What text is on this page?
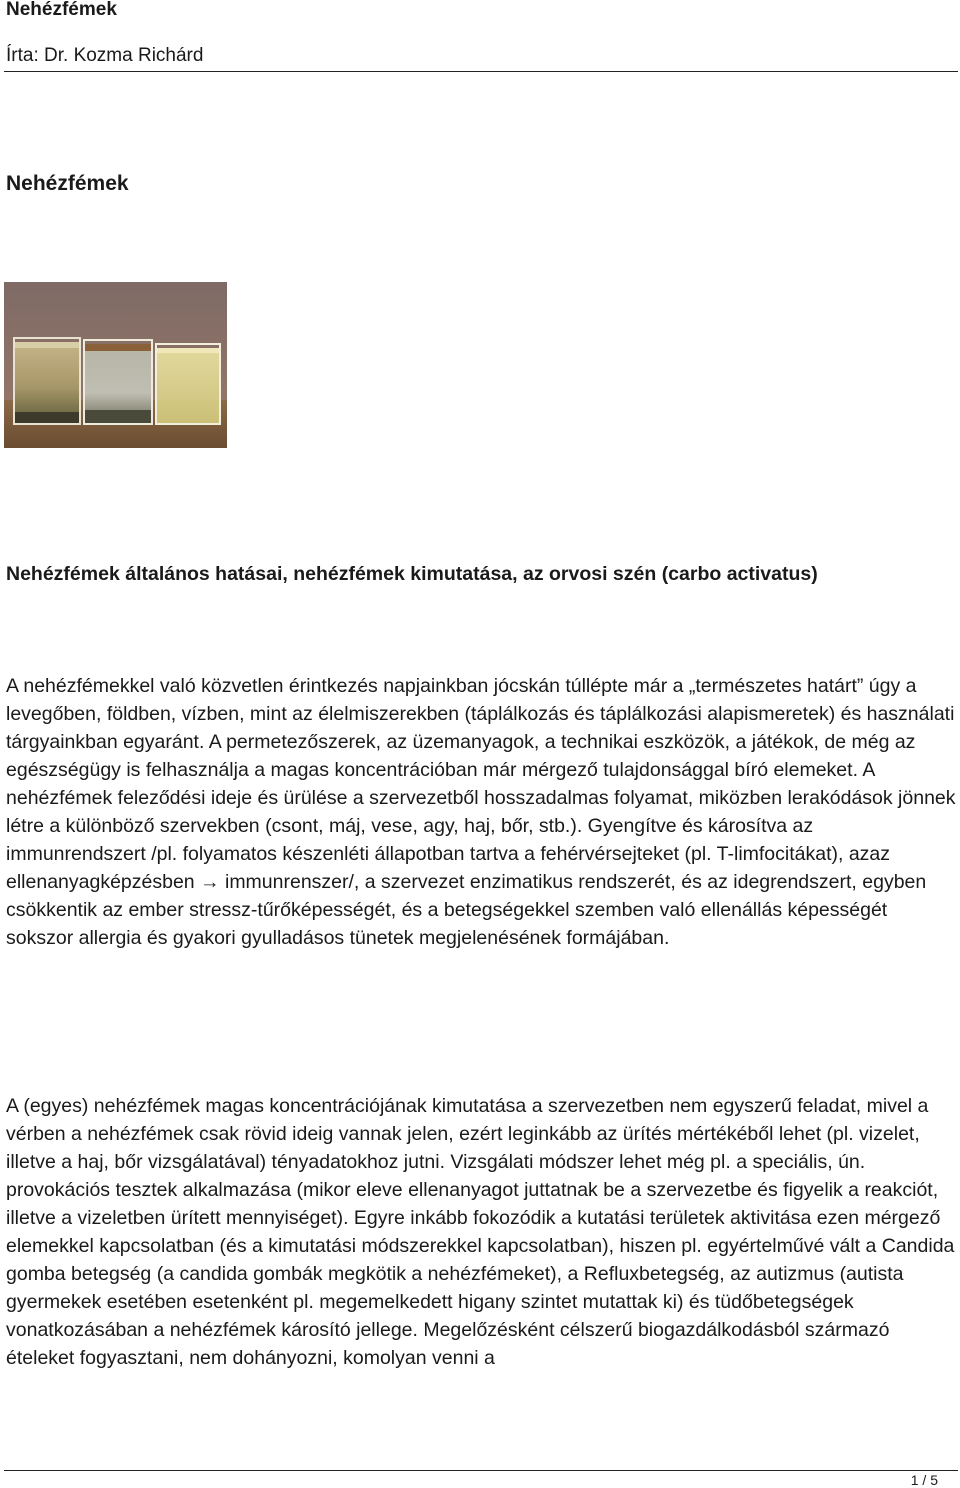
Nehézfémek
Írta: Dr. Kozma Richárd
Nehézfémek
Nehézfémek általános hatásai, nehézfémek kimutatása, az orvosi szén (carbo activatus)

A nehézfémekkel való közvetlen érintkezés napjainkban jócskán túllépte már a „természetes határt” úgy a levegőben, földben, vízben, mint az élelmiszerekben (táplálkozás és táplálkozási alapismeretek) és használati tárgyainkban egyaránt. A permetezőszerek, az üzemanyagok, a technikai eszközök, a játékok, de még az egészségügy is felhasználja a magas koncentrációban már mérgező tulajdonsággal bíró elemeket. A nehézfémek feleződési ideje és ürülése a szervezetből hosszadalmas folyamat, miközben lerakódások jönnek létre a különböző szervekben (csont, máj, vese, agy, haj, bőr, stb.). Gyengítve és károsítva az immunrendszert /pl. folyamatos készenléti állapotban tartva a fehérvérsejteket (pl. T-limfocitákat), azaz ellenanyagképzésben → immunrenszer/, a szervezet enzimatikus rendszerét, és az idegrendszert, egyben csökkentik az ember stressz-tűrőképességét, és a betegségekkel szemben való ellenállás képességét sokszor allergia és gyakori gyulladásos tünetek megjelenésének formájában.

A (egyes) nehézfémek magas koncentrációjának kimutatása a szervezetben nem egyszerű feladat, mivel a vérben a nehézfémek csak rövid ideig vannak jelen, ezért leginkább az ürítés mértékéből lehet (pl. vizelet, illetve a haj, bőr vizsgálatával) tényadatokhoz jutni. Vizsgálati módszer lehet még pl. a speciális, ún. provokációs tesztek alkalmazása (mikor eleve ellenanyagot juttatnak be a szervezetbe és figyelik a reakciót, illetve a vizeletben ürített mennyiséget). Egyre inkább fokozódik a kutatási területek aktivitása ezen mérgező elemekkel kapcsolatban (és a kimutatási módszerekkel kapcsolatban), hiszen pl. egyértelművé vált a Candida gomba betegség (a candida gombák megkötik a nehézfémeket), a Refluxbetegség, az autizmus (autista gyermekek esetében esetenként pl. megemelkedett higany szintet mutattak ki) és tüdőbetegségek vonatkozásában a nehézfémek károsító jellege. Megelőzésként célszerű biogazdálkodásból származó ételeket fogyasztani, nem dohányozni, komolyan venni a

1 / 5
